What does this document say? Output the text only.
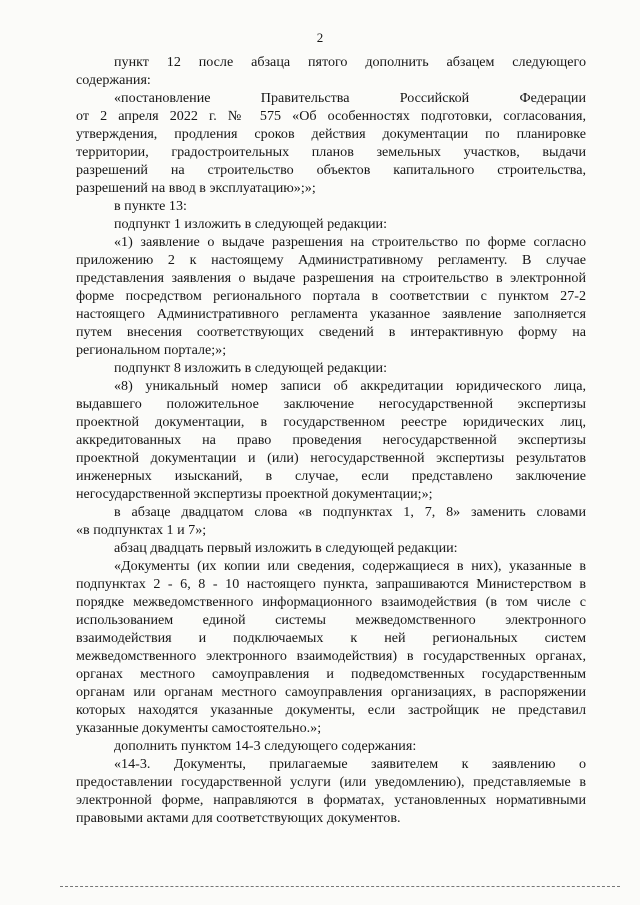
2
пункт 12 после абзаца пятого дополнить абзацем следующего
содержания:
«постановление Правительства Российской Федерации
от 2 апреля 2022 г. № 575 «Об особенностях подготовки, согласования,
утверждения, продления сроков действия документации по планировке
территории, градостроительных планов земельных участков, выдачи
разрешений на строительство объектов капитального строительства,
разрешений на ввод в эксплуатацию»;»;
в пункте 13:
подпункт 1 изложить в следующей редакции:
«1) заявление о выдаче разрешения на строительство по форме согласно
приложению 2 к настоящему Административному регламенту. В случае
представления заявления о выдаче разрешения на строительство в электронной
форме посредством регионального портала в соответствии с пунктом 27-2
настоящего Административного регламента указанное заявление заполняется
путем внесения соответствующих сведений в интерактивную форму на
региональном портале;»;
подпункт 8 изложить в следующей редакции:
«8) уникальный номер записи об аккредитации юридического лица,
выдавшего положительное заключение негосударственной экспертизы
проектной документации, в государственном реестре юридических лиц,
аккредитованных на право проведения негосударственной экспертизы
проектной документации и (или) негосударственной экспертизы результатов
инженерных изысканий, в случае, если представлено заключение
негосударственной экспертизы проектной документации;»;
в абзаце двадцатом слова «в подпунктах 1, 7, 8» заменить словами
«в подпунктах 1 и 7»;
абзац двадцать первый изложить в следующей редакции:
«Документы (их копии или сведения, содержащиеся в них), указанные в
подпунктах 2 - 6, 8 - 10 настоящего пункта, запрашиваются Министерством в
порядке межведомственного информационного взаимодействия (в том числе с
использованием единой системы межведомственного электронного
взаимодействия и подключаемых к ней региональных систем
межведомственного электронного взаимодействия) в государственных органах,
органах местного самоуправления и подведомственных государственным
органам или органам местного самоуправления организациях, в распоряжении
которых находятся указанные документы, если застройщик не представил
указанные документы самостоятельно.»;
дополнить пунктом 14-3 следующего содержания:
«14-3. Документы, прилагаемые заявителем к заявлению о
предоставлении государственной услуги (или уведомлению), представляемые в
электронной форме, направляются в форматах, установленных нормативными
правовыми актами для соответствующих документов.
